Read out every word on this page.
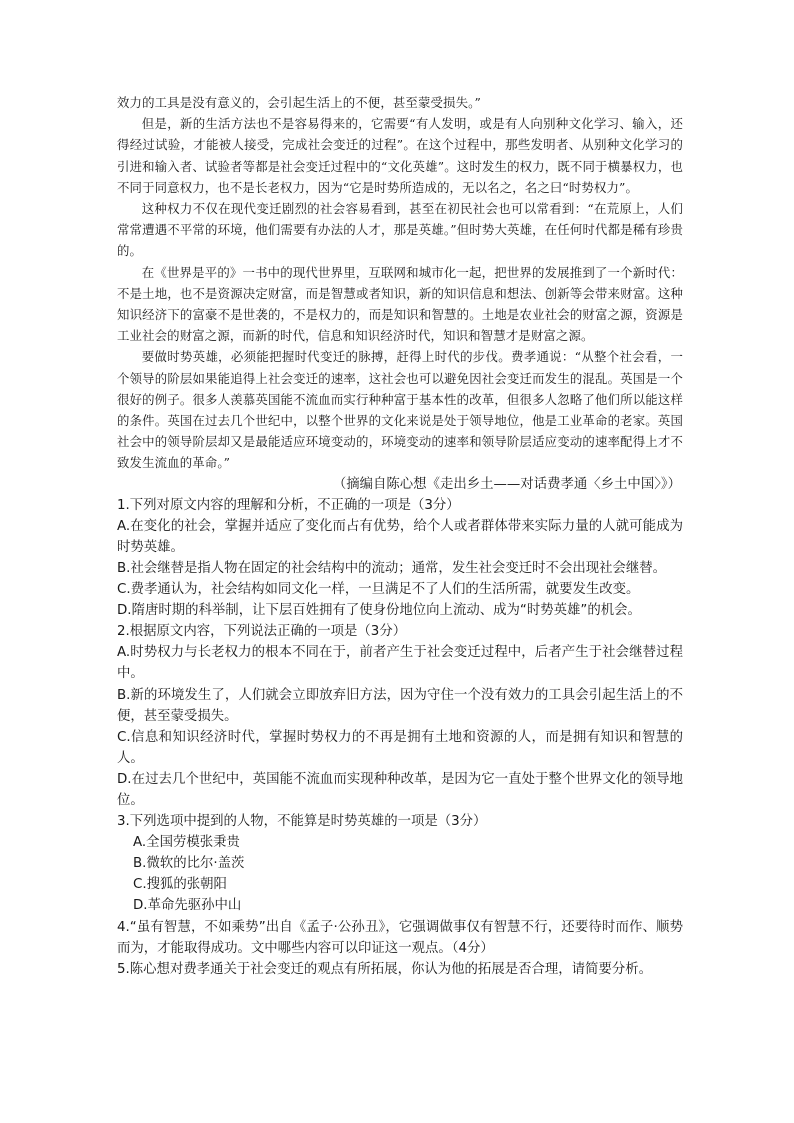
效力的工具是没有意义的，会引起生活上的不便，甚至蒙受损失。”

但是，新的生活方法也不是容易得来的，它需要“有人发明，或是有人向别种文化学习、输入，还得经过试验，才能被人接受，完成社会变迁的过程”。在这个过程中，那些发明者、从别种文化学习的引进和输入者、试验者等都是社会变迁过程中的“文化英雄”。这时发生的权力，既不同于横暴权力，也不同于同意权力，也不是长老权力，因为“它是时势所造成的，无以名之，名之曰“时势权力”。

这种权力不仅在现代变迁剧烈的社会容易看到，甚至在初民社会也可以常看到：“在荒原上，人们常常遭遇不平常的环境，他们需要有办法的人才，那是英雄。”但时势大英雄，在任何时代都是稀有珍贵的。

在《世界是平的》一书中的现代世界里，互联网和城市化一起，把世界的发展推到了一个新时代：不是土地，也不是资源决定财富，而是智慧或者知识，新的知识信息和想法、创新等会带来财富。这种知识经济下的富豪不是世袭的，不是权力的，而是知识和智慧的。土地是农业社会的财富之源，资源是工业社会的财富之源，而新的时代，信息和知识经济时代，知识和智慧才是财富之源。

要做时势英雄，必须能把握时代变迁的脉搏，赶得上时代的步伐。费孝通说：“从整个社会看，一个领导的阶层如果能追得上社会变迁的速率，这社会也可以避免因社会变迁而发生的混乱。英国是一个很好的例子。很多人羡慕英国能不流血而实行种种富于基本性的改革，但很多人忽略了他们所以能这样的条件。英国在过去几个世纪中，以整个世界的文化来说是处于领导地位，他是工业革命的老家。英国社会中的领导阶层却又是最能适应环境变动的，环境变动的速率和领导阶层适应变动的速率配得上才不致发生流血的革命。”

（摘编自陈心想《走出乡土——对话费孝通〈乡土中国〉》）

1.下列对原文内容的理解和分析，不正确的一项是（3分）

A.在变化的社会，掌握并适应了变化而占有优势，给个人或者群体带来实际力量的人就可能成为时势英雄。

B.社会继替是指人物在固定的社会结构中的流动；通常，发生社会变迁时不会出现社会继替。

C.费孝通认为，社会结构如同文化一样，一旦满足不了人们的生活所需，就要发生改变。

D.隋唐时期的科举制，让下层百姓拥有了使身份地位向上流动、成为“时势英雄”的机会。

2.根据原文内容，下列说法正确的一项是（3分）

A.时势权力与长老权力的根本不同在于，前者产生于社会变迁过程中，后者产生于社会继替过程中。

B.新的环境发生了，人们就会立即放弃旧方法，因为守住一个没有效力的工具会引起生活上的不便，甚至蒙受损失。

C.信息和知识经济时代，掌握时势权力的不再是拥有土地和资源的人，而是拥有知识和智慧的人。

D.在过去几个世纪中，英国能不流血而实现种种改革，是因为它一直处于整个世界文化的领导地位。

3.下列选项中提到的人物，不能算是时势英雄的一项是（3分）

A.全国劳模张秉贵

B.微软的比尔·盖茨

C.搜狐的张朝阳

D.革命先驱孙中山

4.“虽有智慧，不如乘势”出自《孟子·公孙丑》，它强调做事仅有智慧不行，还要待时而作、顺势而为，才能取得成功。文中哪些内容可以印证这一观点。（4分）

5.陈心想对费孝通关于社会变迁的观点有所拓展，你认为他的拓展是否合理，请简要分析。
